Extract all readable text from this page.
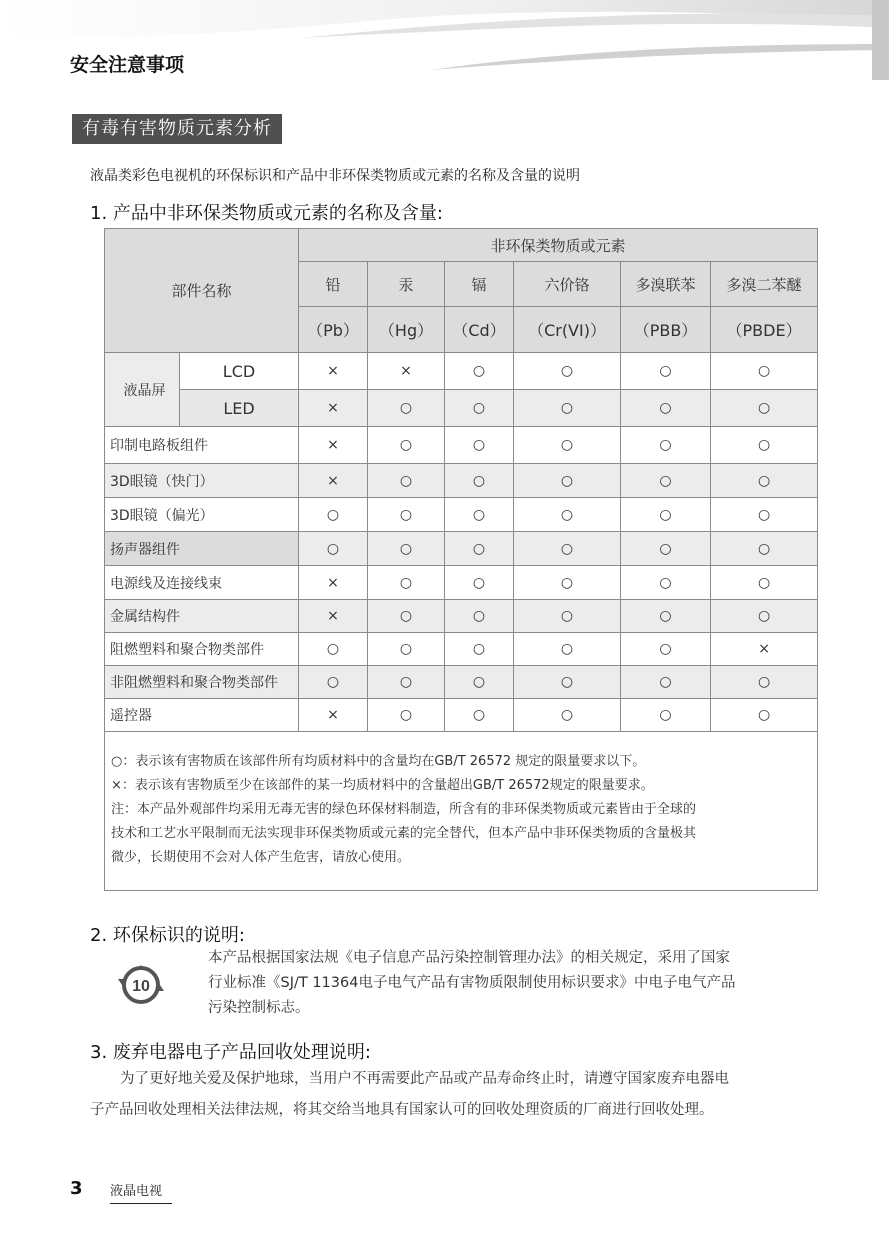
安全注意事项
有毒有害物质元素分析
液晶类彩色电视机的环保标识和产品中非环保类物质或元素的名称及含量的说明
1. 产品中非环保类物质或元素的名称及含量:
部件名称		非环保类物质或元素					
		铅	汞	镉	六价铬	多溴联苯	多溴二苯醚
		（Pb）	（Hg）	（Cd）	（Cr(VI)）	（PBB）	（PBDE）
液晶屏	LCD	×	×	○	○	○	○
	LED	×	○	○	○	○	○
印制电路板组件		×	○	○	○	○	○
3D眼镜（快门）		×	○	○	○	○	○
3D眼镜（偏光）		○	○	○	○	○	○
扬声器组件		○	○	○	○	○	○
电源线及连接线束		×	○	○	○	○	○
金属结构件		×	○	○	○	○	○
阻燃塑料和聚合物类部件		○	○	○	○	○	×
非阻燃塑料和聚合物类部件		○	○	○	○	○	○
遥控器		×	○	○	○	○	○

○：表示该有害物质在该部件所有均质材料中的含量均在GB/T 26572 规定的限量要求以下。
×：表示该有害物质至少在该部件的某一均质材料中的含量超出GB/T 26572规定的限量要求。
注：本产品外观部件均采用无毒无害的绿色环保材料制造，所含有的非环保类物质或元素皆由于全球的
技术和工艺水平限制而无法实现非环保类物质或元素的完全替代，但本产品中非环保类物质的含量极其
微少，长期使用不会对人体产生危害，请放心使用。							
2. 环保标识的说明:
10
本产品根据国家法规《电子信息产品污染控制管理办法》的相关规定，采用了国家
行业标准《SJ/T 11364电子电气产品有害物质限制使用标识要求》中电子电气产品
污染控制标志。
3. 废弃电器电子产品回收处理说明:
为了更好地关爱及保护地球，当用户不再需要此产品或产品寿命终止时，请遵守国家废弃电器电
子产品回收处理相关法律法规，将其交给当地具有国家认可的回收处理资质的厂商进行回收处理。
3 液晶电视
